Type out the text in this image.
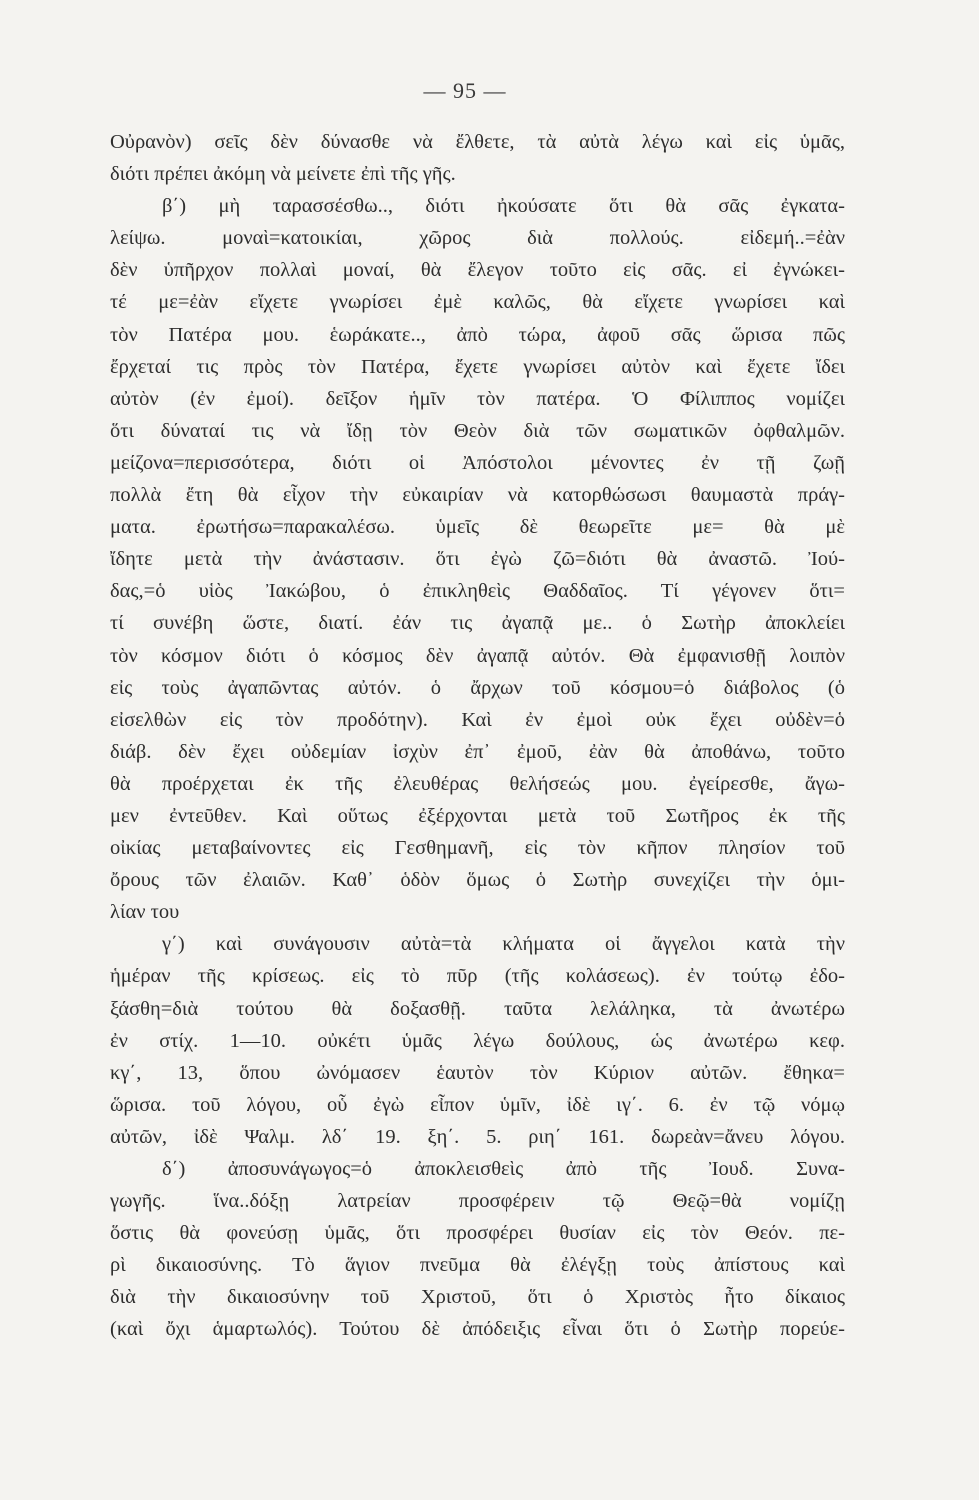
— 95 —
Οὐρανὸν) σεῖς δὲν δύνασθε νὰ ἔλθετε, τὰ αὐτὰ λέγω καὶ εἰς ὑμᾶς,
διότι πρέπει ἀκόμη νὰ μείνετε ἐπὶ τῆς γῆς.
β΄) μὴ ταρασσέσθω.., διότι ἠκούσατε ὅτι θὰ σᾶς ἐγκατα-
λείψω. μοναὶ=κατοικίαι, χῶρος διὰ πολλούς. εἰδεμή..=ἐὰν
δὲν ὑπῆρχον πολλαὶ μοναί, θὰ ἔλεγον τοῦτο εἰς σᾶς. εἰ ἐγνώκει-
τέ με=ἐὰν εἴχετε γνωρίσει ἐμὲ καλῶς, θὰ εἴχετε γνωρίσει καὶ
τὸν Πατέρα μου. ἑωράκατε.., ἀπὸ τώρα, ἀφοῦ σᾶς ὥρισα πῶς
ἔρχεταί τις πρὸς τὸν Πατέρα, ἔχετε γνωρίσει αὐτὸν καὶ ἔχετε ἴδει
αὐτὸν (ἐν ἐμοί). δεῖξον ἡμῖν τὸν πατέρα. Ὁ Φίλιππος νομίζει
ὅτι δύναταί τις νὰ ἴδῃ τὸν Θεὸν διὰ τῶν σωματικῶν ὀφθαλμῶν.
μείζονα=περισσότερα, διότι οἱ Ἀπόστολοι μένοντες ἐν τῇ ζωῇ
πολλὰ ἔτη θὰ εἶχον τὴν εὐκαιρίαν νὰ κατορθώσωσι θαυμαστὰ πράγ-
ματα. ἐρωτήσω=παρακαλέσω. ὑμεῖς δὲ θεωρεῖτε με= θὰ μὲ
ἴδητε μετὰ τὴν ἀνάστασιν. ὅτι ἐγὼ ζῶ=διότι θὰ ἀναστῶ. Ἰού-
δας,=ὁ υἱὸς Ἰακώβου, ὁ ἐπικληθεὶς Θαδδαῖος. Τί γέγονεν ὅτι=
τί συνέβη ὥστε, διατί. ἐάν τις ἀγαπᾷ με.. ὁ Σωτὴρ ἀποκλείει
τὸν κόσμον διότι ὁ κόσμος δὲν ἀγαπᾷ αὐτόν. Θὰ ἐμφανισθῇ λοιπὸν
εἰς τοὺς ἀγαπῶντας αὐτόν. ὁ ἄρχων τοῦ κόσμου=ὁ διάβολος (ὁ
εἰσελθὼν εἰς τὸν προδότην). Καὶ ἐν ἐμοὶ οὐκ ἔχει οὐδὲν=ὁ
διάβ. δὲν ἔχει οὐδεμίαν ἰσχὺν ἐπ᾽ ἐμοῦ, ἐὰν θὰ ἀποθάνω, τοῦτο
θὰ προέρχεται ἐκ τῆς ἐλευθέρας θελήσεώς μου. ἐγείρεσθε, ἄγω-
μεν ἐντεῦθεν. Καὶ οὕτως ἐξέρχονται μετὰ τοῦ Σωτῆρος ἐκ τῆς
οἰκίας μεταβαίνοντες εἰς Γεσθημανῆ, εἰς τὸν κῆπον πλησίον τοῦ
ὄρους τῶν ἐλαιῶν. Καθ᾽ ὁδὸν ὅμως ὁ Σωτὴρ συνεχίζει τὴν ὁμι-
λίαν του
γ΄) καὶ συνάγουσιν αὐτὰ=τὰ κλήματα οἱ ἄγγελοι κατὰ τὴν
ἡμέραν τῆς κρίσεως. εἰς τὸ πῦρ (τῆς κολάσεως). ἐν τούτῳ ἐδο-
ξάσθη=διὰ τούτου θὰ δοξασθῇ. ταῦτα λελάληκα, τὰ ἀνωτέρω
ἐν στίχ. 1—10. οὐκέτι ὑμᾶς λέγω δούλους, ὡς ἀνωτέρω κεφ.
κγ΄, 13, ὅπου ὠνόμασεν ἑαυτὸν τὸν Κύριον αὐτῶν. ἔθηκα=
ὥρισα. τοῦ λόγου, οὗ ἐγὼ εἶπον ὑμῖν, ἰδὲ ιγ΄. 6. ἐν τῷ νόμῳ
αὐτῶν, ἰδὲ Ψαλμ. λδ΄ 19. ξη΄. 5. ριη΄ 161. δωρεὰν=ἄνευ λόγου.
δ΄) ἀποσυνάγωγος=ὁ ἀποκλεισθεὶς ἀπὸ τῆς Ἰουδ. Συνα-
γωγῆς. ἵνα..δόξῃ λατρείαν προσφέρειν τῷ Θεῷ=θὰ νομίζῃ
ὅστις θὰ φονεύσῃ ὑμᾶς, ὅτι προσφέρει θυσίαν εἰς τὸν Θεόν. πε-
ρὶ δικαιοσύνης. Τὸ ἅγιον πνεῦμα θὰ ἐλέγξῃ τοὺς ἀπίστους καὶ
διὰ τὴν δικαιοσύνην τοῦ Χριστοῦ, ὅτι ὁ Χριστὸς ἦτο δίκαιος
(καὶ ὄχι ἁμαρτωλός). Τούτου δὲ ἀπόδειξις εἶναι ὅτι ὁ Σωτὴρ πορεύε-
